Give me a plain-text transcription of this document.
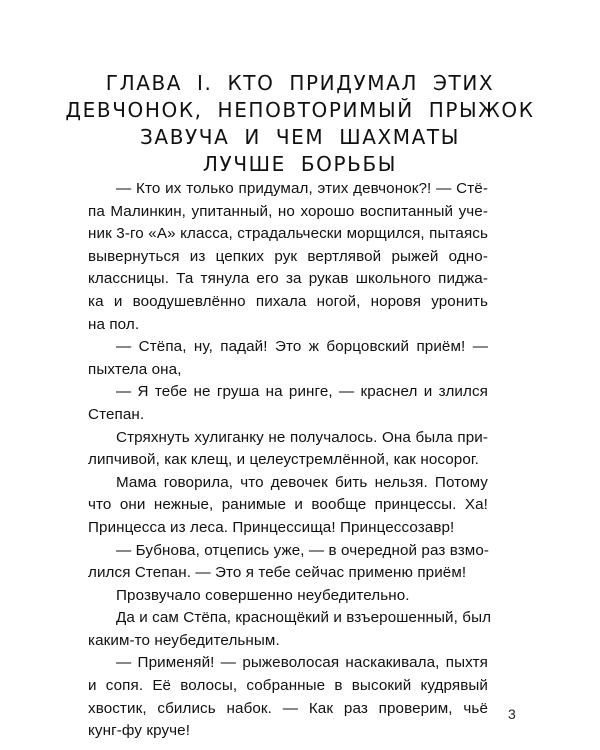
ГЛАВА I. КТО ПРИДУМАЛ ЭТИХ
ДЕВЧОНОК, НЕПОВТОРИМЫЙ ПРЫЖОК
ЗАВУЧА И ЧЕМ ШАХМАТЫ
ЛУЧШЕ БОРЬБЫ
— Кто их только придумал, этих девчонок?! — Стё-
па Малинкин, упитанный, но хорошо воспитанный уче-
ник 3-го «А» класса, страдальчески морщился, пытаясь
вывернуться из цепких рук вертлявой рыжей одно-
классницы. Та тянула его за рукав школьного пиджа-
ка и воодушевлённо пихала ногой, норовя уронить
на пол.
— Стёпа, ну, падай! Это ж борцовский приём! —
пыхтела она,
— Я тебе не груша на ринге, — краснел и злился
Степан.
Стряхнуть хулиганку не получалось. Она была при-
липчивой, как клещ, и целеустремлённой, как носорог.
Мама говорила, что девочек бить нельзя. Потому
что они нежные, ранимые и вообще принцессы. Ха!
Принцесса из леса. Принцессища! Принцессозавр!
— Бубнова, отцепись уже, — в очередной раз взмо-
лился Степан. — Это я тебе сейчас применю приём!
Прозвучало совершенно неубедительно.
Да и сам Стёпа, краснощёкий и взъерошенный, был
каким-то неубедительным.
— Применяй! — рыжеволосая наскакивала, пыхтя
и сопя. Её волосы, собранные в высокий кудрявый
хвостик, сбились набок. — Как раз проверим, чьё
кунг-фу круче!
3
